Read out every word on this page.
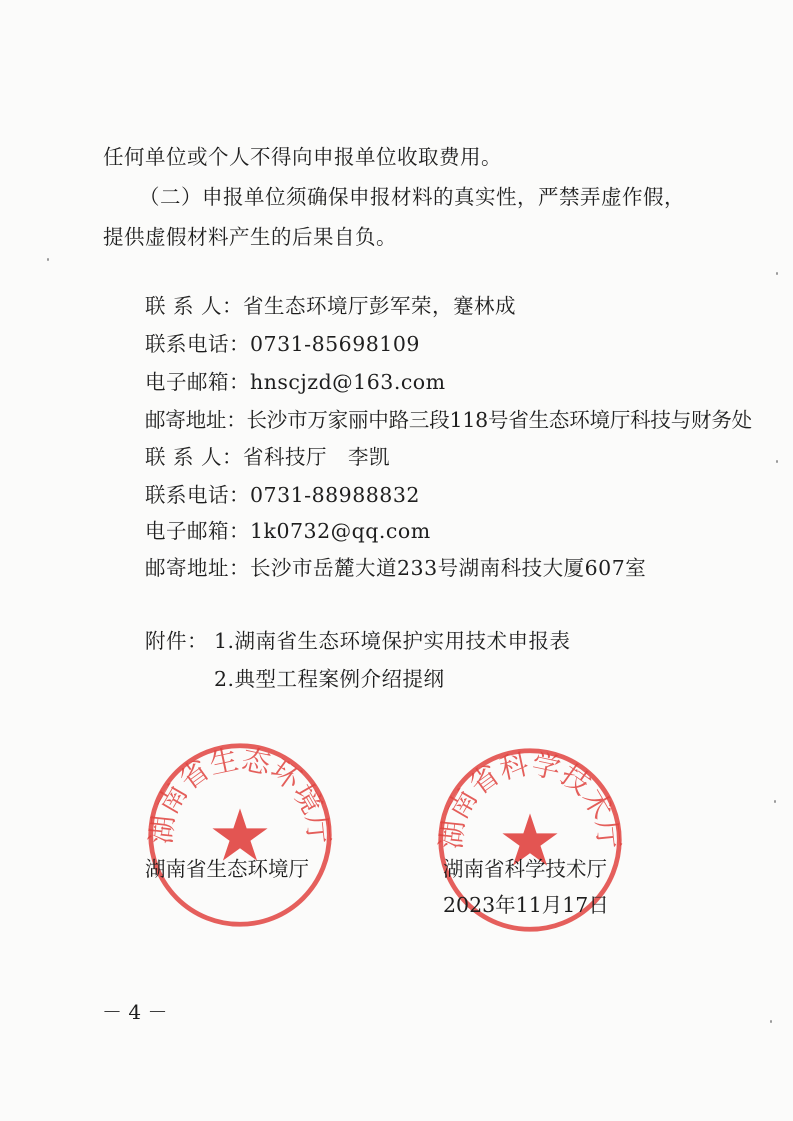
任何单位或个人不得向申报单位收取费用。
（二）申报单位须确保申报材料的真实性，严禁弄虚作假，
提供虚假材料产生的后果自负。
联 系 人：省生态环境厅彭军荣，蹇林成
联系电话：0731-85698109
电子邮箱：hnscjzd@163.com
邮寄地址：长沙市万家丽中路三段118号省生态环境厅科技与财务处
联 系 人：省科技厅　李凯
联系电话：0731-88988832
电子邮箱：1k0732@qq.com
邮寄地址：长沙市岳麓大道233号湖南科技大厦607室
附件： 1.湖南省生态环境保护实用技术申报表
2.典型工程案例介绍提纲
湖南省生态环境厅	湖南省科学技术厅
湖南省生态环境厅	湖南省科学技术厅
2023年11月17日
－ 4 －
